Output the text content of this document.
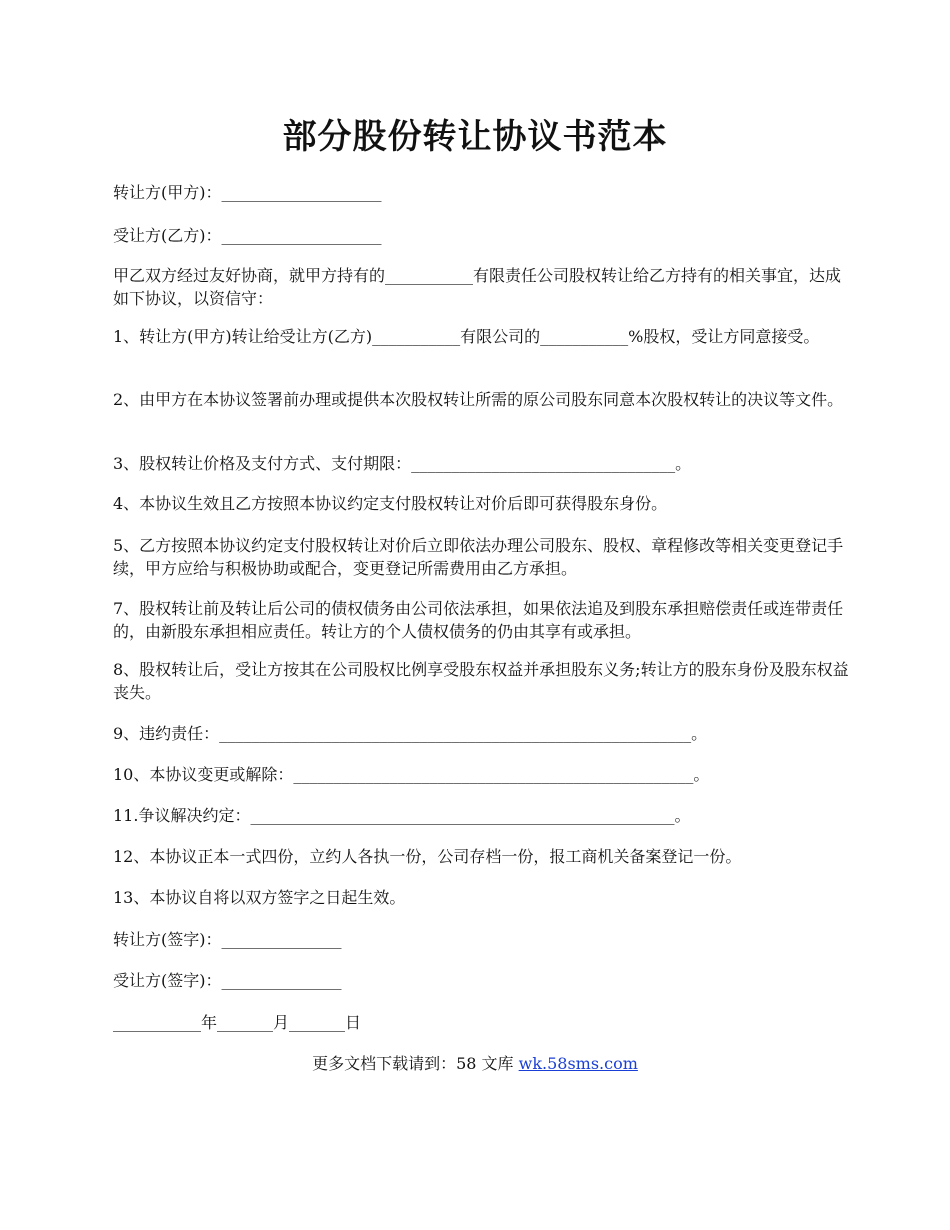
部分股份转让协议书范本
转让方(甲方)：____________________
受让方(乙方)：____________________
甲乙双方经过友好协商，就甲方持有的___________有限责任公司股权转让给乙方持有的相关事宜，达成如下协议，以资信守：
1、转让方(甲方)转让给受让方(乙方)___________有限公司的___________%股权，受让方同意接受。
2、由甲方在本协议签署前办理或提供本次股权转让所需的原公司股东同意本次股权转让的决议等文件。
3、股权转让价格及支付方式、支付期限：_________________________________。
4、本协议生效且乙方按照本协议约定支付股权转让对价后即可获得股东身份。
5、乙方按照本协议约定支付股权转让对价后立即依法办理公司股东、股权、章程修改等相关变更登记手续，甲方应给与积极协助或配合，变更登记所需费用由乙方承担。
7、股权转让前及转让后公司的债权债务由公司依法承担，如果依法追及到股东承担赔偿责任或连带责任的，由新股东承担相应责任。转让方的个人债权债务的仍由其享有或承担。
8、股权转让后，受让方按其在公司股权比例享受股东权益并承担股东义务;转让方的股东身份及股东权益丧失。
9、违约责任：___________________________________________________________。
10、本协议变更或解除：__________________________________________________。
11.争议解决约定：_____________________________________________________。
12、本协议正本一式四份，立约人各执一份，公司存档一份，报工商机关备案登记一份。
13、本协议自将以双方签字之日起生效。
转让方(签字)：_______________
受让方(签字)：_______________
___________年_______月_______日
更多文档下载请到：58 文库 wk.58sms.com
